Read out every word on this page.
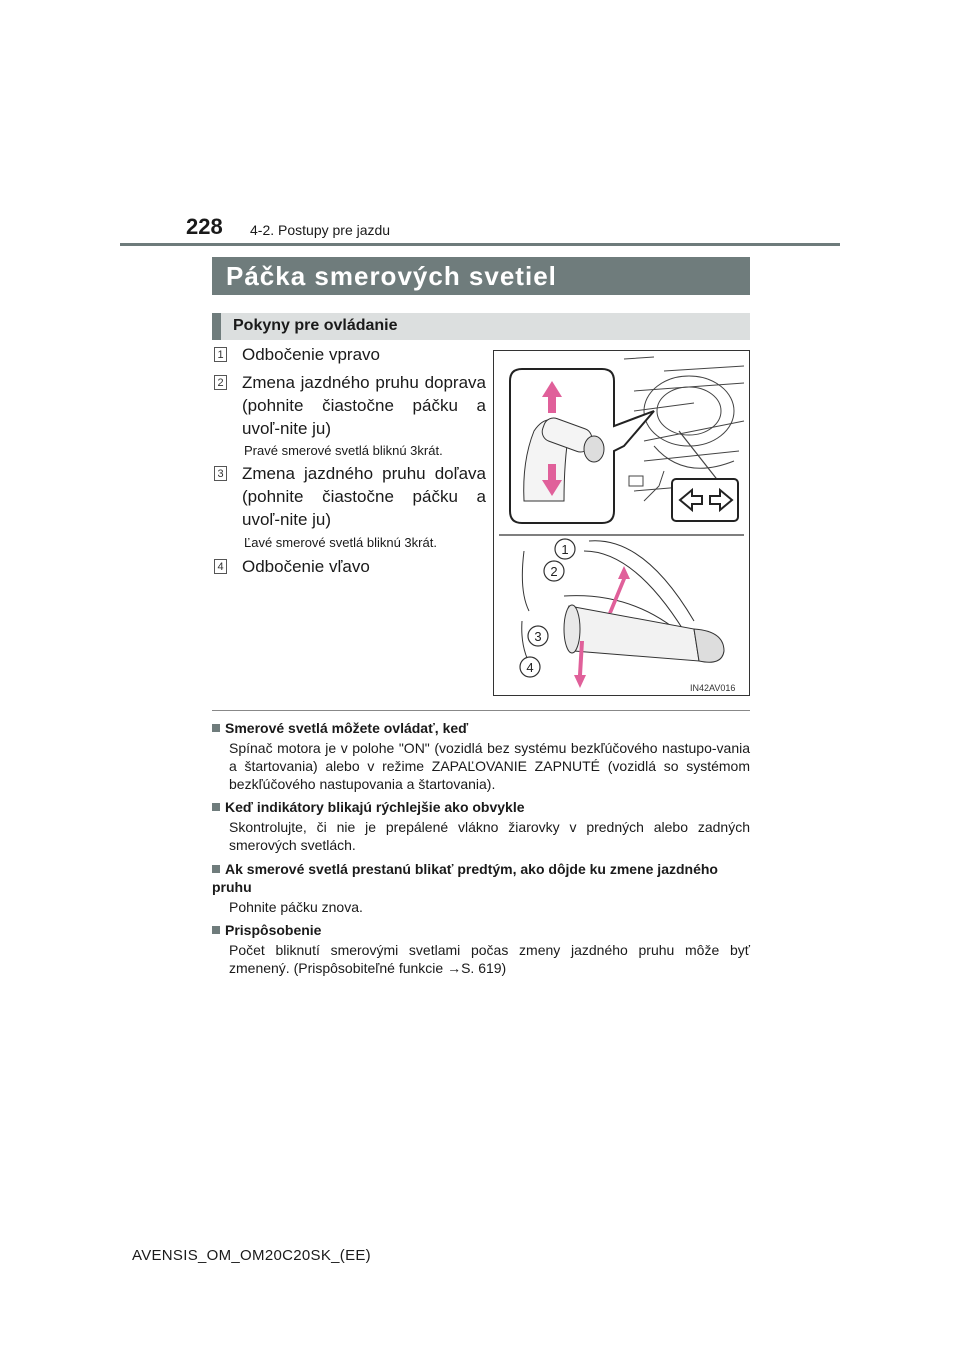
228 4-2. Postupy pre jazdu
Páčka smerových svetiel
Pokyny pre ovládanie
1 Odbočenie vpravo
2 Zmena jazdného pruhu doprava (pohnite čiastočne páčku a uvoľ-nite ju)
Pravé smerové svetlá bliknú 3krát.
3 Zmena jazdného pruhu doľava (pohnite čiastočne páčku a uvoľ-nite ju)
Ľavé smerové svetlá bliknú 3krát.
4 Odbočenie vľavo
1
2
3
4
IN42AV016
Smerové svetlá môžete ovládať, keď
Spínač motora je v polohe "ON" (vozidlá bez systému bezkľúčového nastupo-vania a štartovania) alebo v režime ZAPAĽOVANIE ZAPNUTÉ (vozidlá so systémom bezkľúčového nastupovania a štartovania).
Keď indikátory blikajú rýchlejšie ako obvykle
Skontrolujte, či nie je prepálené vlákno žiarovky v predných alebo zadných smerových svetlách.
Ak smerové svetlá prestanú blikať predtým, ako dôjde ku zmene jazdného pruhu
Pohnite páčku znova.
Prispôsobenie
Počet bliknutí smerovými svetlami počas zmeny jazdného pruhu môže byť zmenený. (Prispôsobiteľné funkcie →S. 619)
AVENSIS_OM_OM20C20SK_(EE)
